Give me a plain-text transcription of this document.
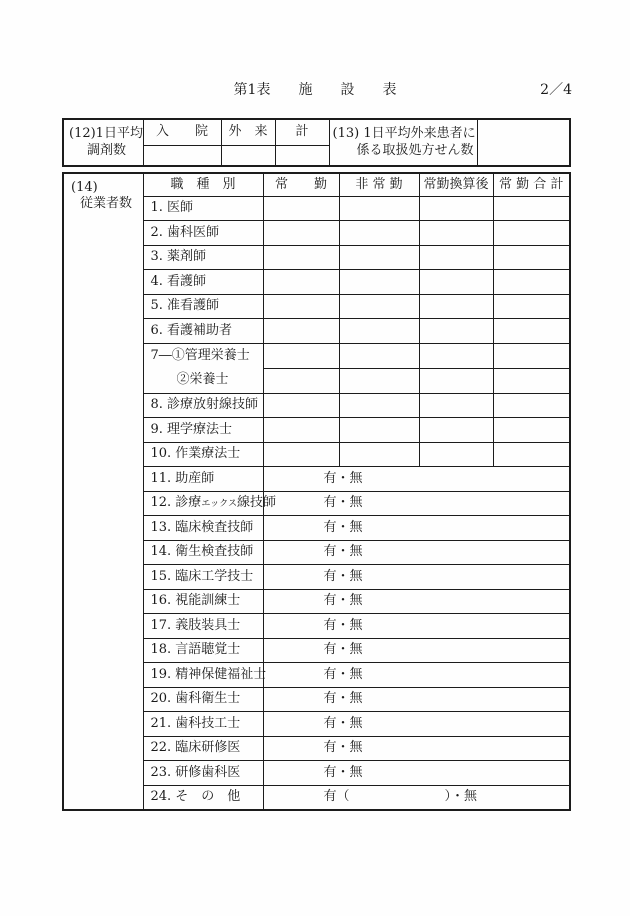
第1表　　施　　設　　表	2／4
(12)1日平均
調剤数
	入　　院	外　来	計	(13) 1日平均外来患者に
係る取扱処方せん数

(14)
従業者数	職　種　別	常　　勤	非 常 勤	常勤換算後	常 勤 合 計
	1. 医師				
	2. 歯科医師				
	3. 薬剤師				
	4. 看護師				
	5. 准看護師				
	6. 看護補助者				

	7―①管理栄養士
②栄養士				

	8. 診療放射線技師				
	9. 理学療法士				
	10. 作業療法士				
	11. 助産師	有・無			
	12. 診療エックス線技師	有・無			
	13. 臨床検査技師	有・無			
	14. 衛生検査技師	有・無			
	15. 臨床工学技士	有・無			
	16. 視能訓練士	有・無			
	17. 義肢装具士	有・無			
	18. 言語聴覚士	有・無			
	19. 精神保健福祉士	有・無			
	20. 歯科衛生士	有・無			
	21. 歯科技工士	有・無			
	22. 臨床研修医	有・無			
	23. 研修歯科医	有・無			
	24. そ　の　他	有（ ）・無			
